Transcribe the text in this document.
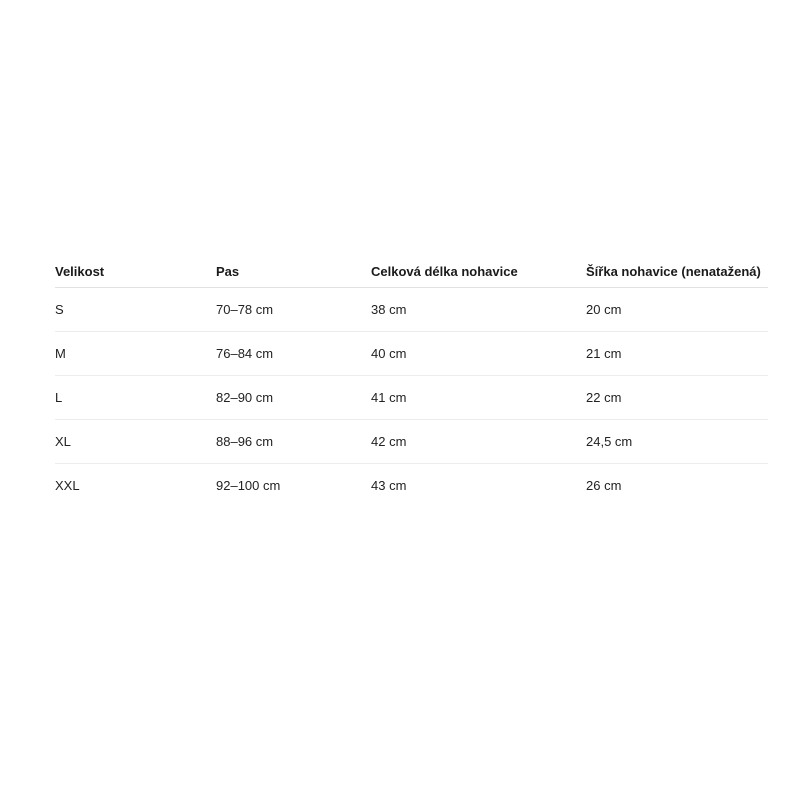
Velikost	Pas	Celková délka nohavice	Šířka nohavice (nenatažená)
S	70–78 cm	38 cm	20 cm
M	76–84 cm	40 cm	21 cm
L	82–90 cm	41 cm	22 cm
XL	88–96 cm	42 cm	24,5 cm
XXL	92–100 cm	43 cm	26 cm
